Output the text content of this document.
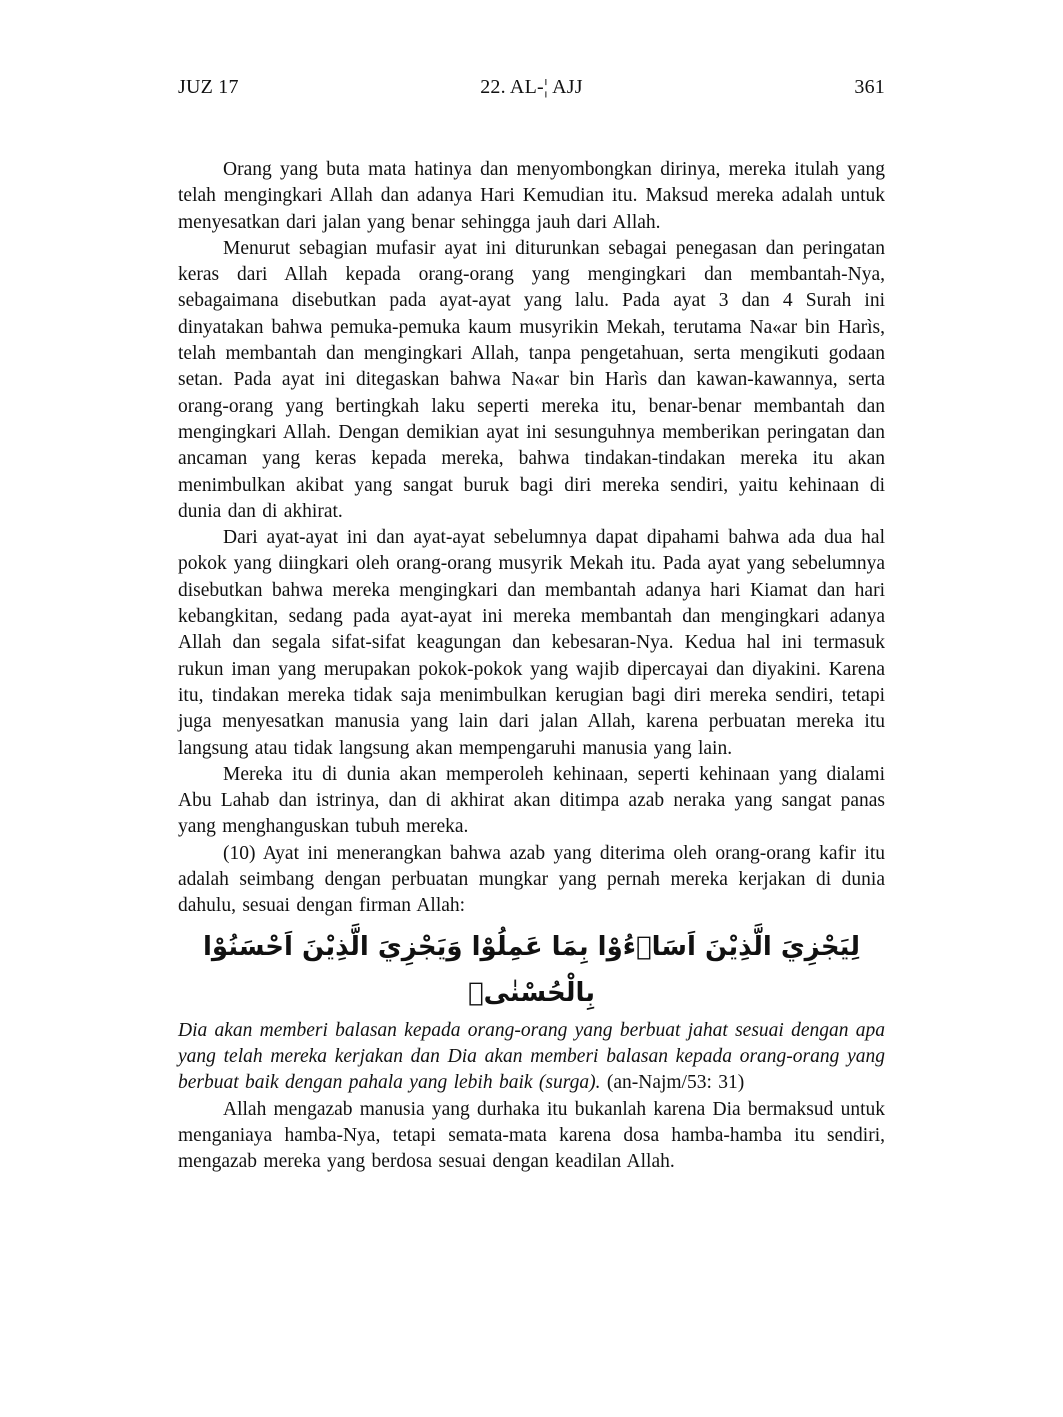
JUZ 17	22. AL-¦ AJJ	361

Orang yang buta mata hatinya dan menyombongkan dirinya, mereka itulah yang telah mengingkari Allah dan adanya Hari Kemudian itu. Maksud mereka adalah untuk menyesatkan dari jalan yang benar sehingga jauh dari Allah.

Menurut sebagian mufasir ayat ini diturunkan sebagai penegasan dan peringatan keras dari Allah kepada orang-orang yang mengingkari dan membantah-Nya, sebagaimana disebutkan pada ayat-ayat yang lalu. Pada ayat 3 dan 4 Surah ini dinyatakan bahwa pemuka-pemuka kaum musyrikin Mekah, terutama Na«ar bin Harìs, telah membantah dan mengingkari Allah, tanpa pengetahuan, serta mengikuti godaan setan. Pada ayat ini ditegaskan bahwa Na«ar bin Harìs dan kawan-kawannya, serta orang-orang yang bertingkah laku seperti mereka itu, benar-benar membantah dan mengingkari Allah. Dengan demikian ayat ini sesunguhnya memberikan peringatan dan ancaman yang keras kepada mereka, bahwa tindakan-tindakan mereka itu akan menimbulkan akibat yang sangat buruk bagi diri mereka sendiri, yaitu kehinaan di dunia dan di akhirat.

Dari ayat-ayat ini dan ayat-ayat sebelumnya dapat dipahami bahwa ada dua hal pokok yang diingkari oleh orang-orang musyrik Mekah itu. Pada ayat yang sebelumnya disebutkan bahwa mereka mengingkari dan membantah adanya hari Kiamat dan hari kebangkitan, sedang pada ayat-ayat ini mereka membantah dan mengingkari adanya Allah dan segala sifat-sifat keagungan dan kebesaran-Nya. Kedua hal ini termasuk rukun iman yang merupakan pokok-pokok yang wajib dipercayai dan diyakini. Karena itu, tindakan mereka tidak saja menimbulkan kerugian bagi diri mereka sendiri, tetapi juga menyesatkan manusia yang lain dari jalan Allah, karena perbuatan mereka itu langsung atau tidak langsung akan mempengaruhi manusia yang lain.

Mereka itu di dunia akan memperoleh kehinaan, seperti kehinaan yang dialami Abu Lahab dan istrinya, dan di akhirat akan ditimpa azab neraka yang sangat panas yang menghanguskan tubuh mereka.

(10) Ayat ini menerangkan bahwa azab yang diterima oleh orang-orang kafir itu adalah seimbang dengan perbuatan mungkar yang pernah mereka kerjakan di dunia dahulu, sesuai dengan firman Allah:

لِيَجْزِيَ الَّذِيْنَ اَسَاۤءُوْا بِمَا عَمِلُوْا وَيَجْزِيَ الَّذِيْنَ اَحْسَنُوْا بِالْحُسْنٰىۚ

Dia akan memberi balasan kepada orang-orang yang berbuat jahat sesuai dengan apa yang telah mereka kerjakan dan Dia akan memberi balasan kepada orang-orang yang berbuat baik dengan pahala yang lebih baik (surga). (an-Najm/53: 31)

Allah mengazab manusia yang durhaka itu bukanlah karena Dia bermaksud untuk menganiaya hamba-Nya, tetapi semata-mata karena dosa hamba-hamba itu sendiri, mengazab mereka yang berdosa sesuai dengan keadilan Allah.
